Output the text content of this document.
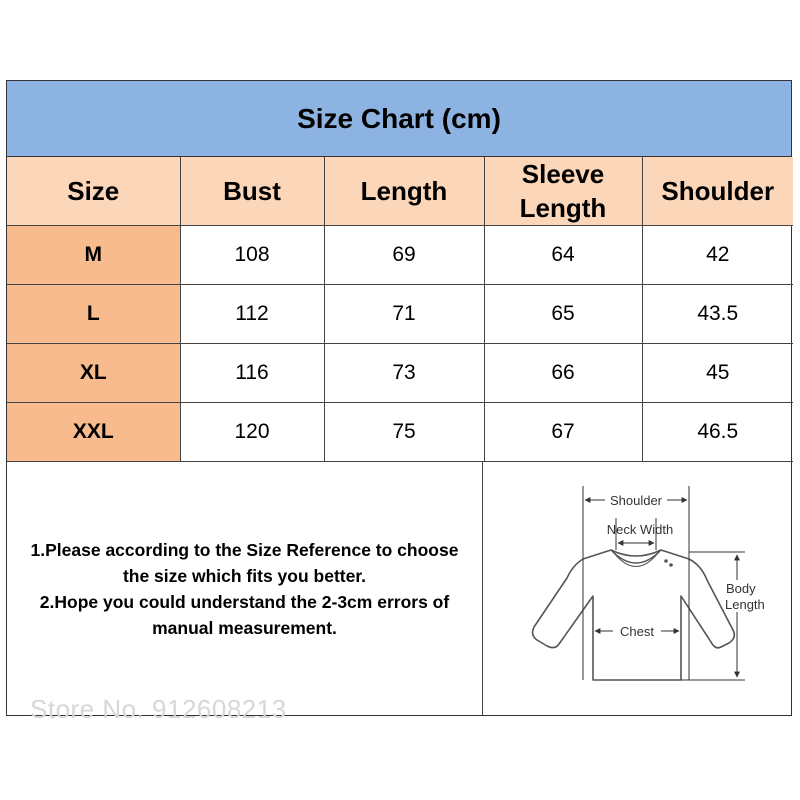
Size Chart (cm)
Size	Bust	Length	Sleeve Length	Shoulder
M	108	69	64	42
L	112	71	65	43.5
XL	116	73	66	45
XXL	120	75	67	46.5

1.Please according to the Size Reference to choose the size which fits you better.

2.Hope you could understand the 2-3cm errors of manual measurement.

Shoulder
Neck Width
Chest
Body
Length
Store No. 912608213
